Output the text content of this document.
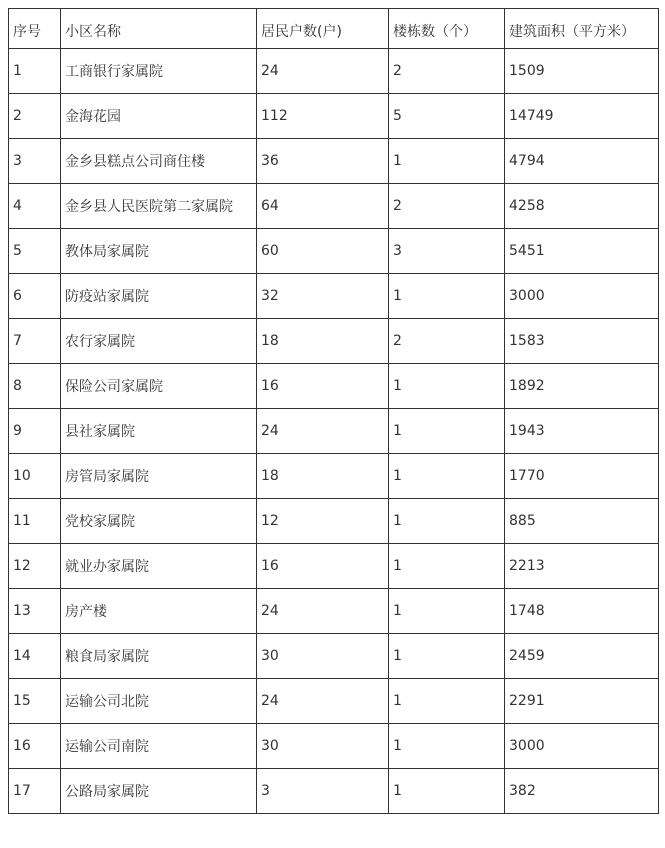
序号	小区名称	居民户数(户)	楼栋数（个）	建筑面积（平方米）
1	工商银行家属院	24	2	1509
2	金海花园	112	5	14749
3	金乡县糕点公司商住楼	36	1	4794
4	金乡县人民医院第二家属院	64	2	4258
5	教体局家属院	60	3	5451
6	防疫站家属院	32	1	3000
7	农行家属院	18	2	1583
8	保险公司家属院	16	1	1892
9	县社家属院	24	1	1943
10	房管局家属院	18	1	1770
11	党校家属院	12	1	885
12	就业办家属院	16	1	2213
13	房产楼	24	1	1748
14	粮食局家属院	30	1	2459
15	运输公司北院	24	1	2291
16	运输公司南院	30	1	3000
17	公路局家属院	3	1	382
